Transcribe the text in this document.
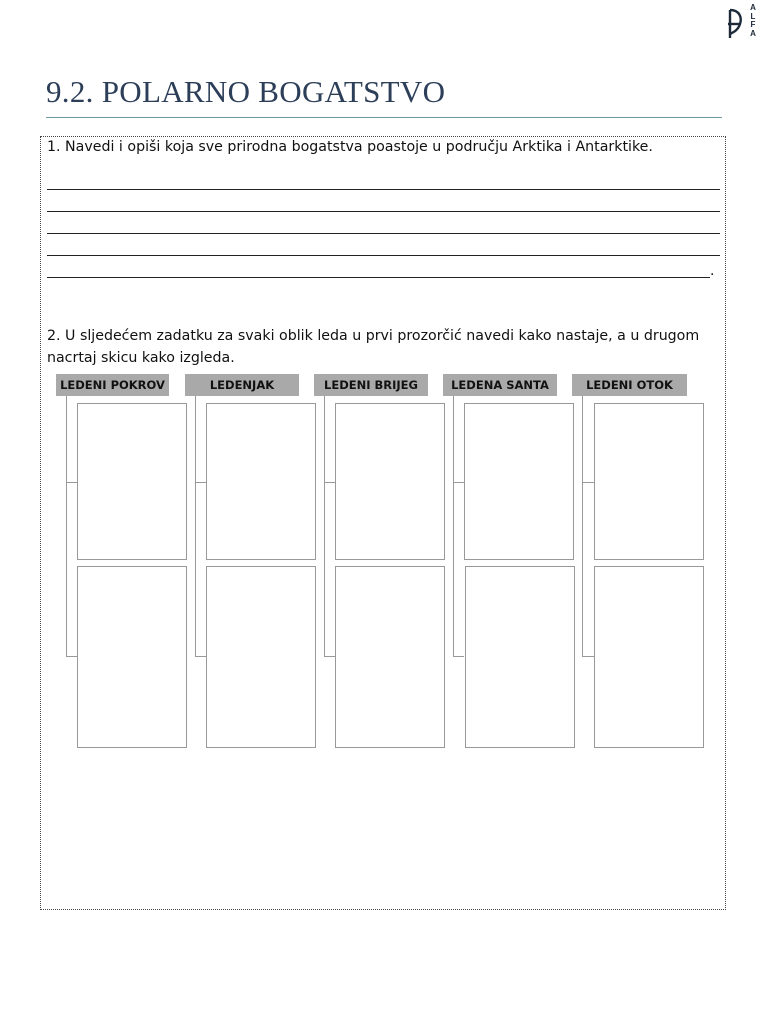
A
L
F
A
9.2. POLARNO BOGATSTVO
1. Navedi i opiši koja sve prirodna bogatstva poastoje u području Arktika i Antarktike.
.
2. U sljedećem zadatku za svaki oblik leda u prvi prozorčić navedi kako nastaje, a u drugom nacrtaj skicu kako izgleda.
LEDENI POKROV	LEDENJAK	LEDENI BRIJEG	LEDENA SANTA	LEDENI OTOK
